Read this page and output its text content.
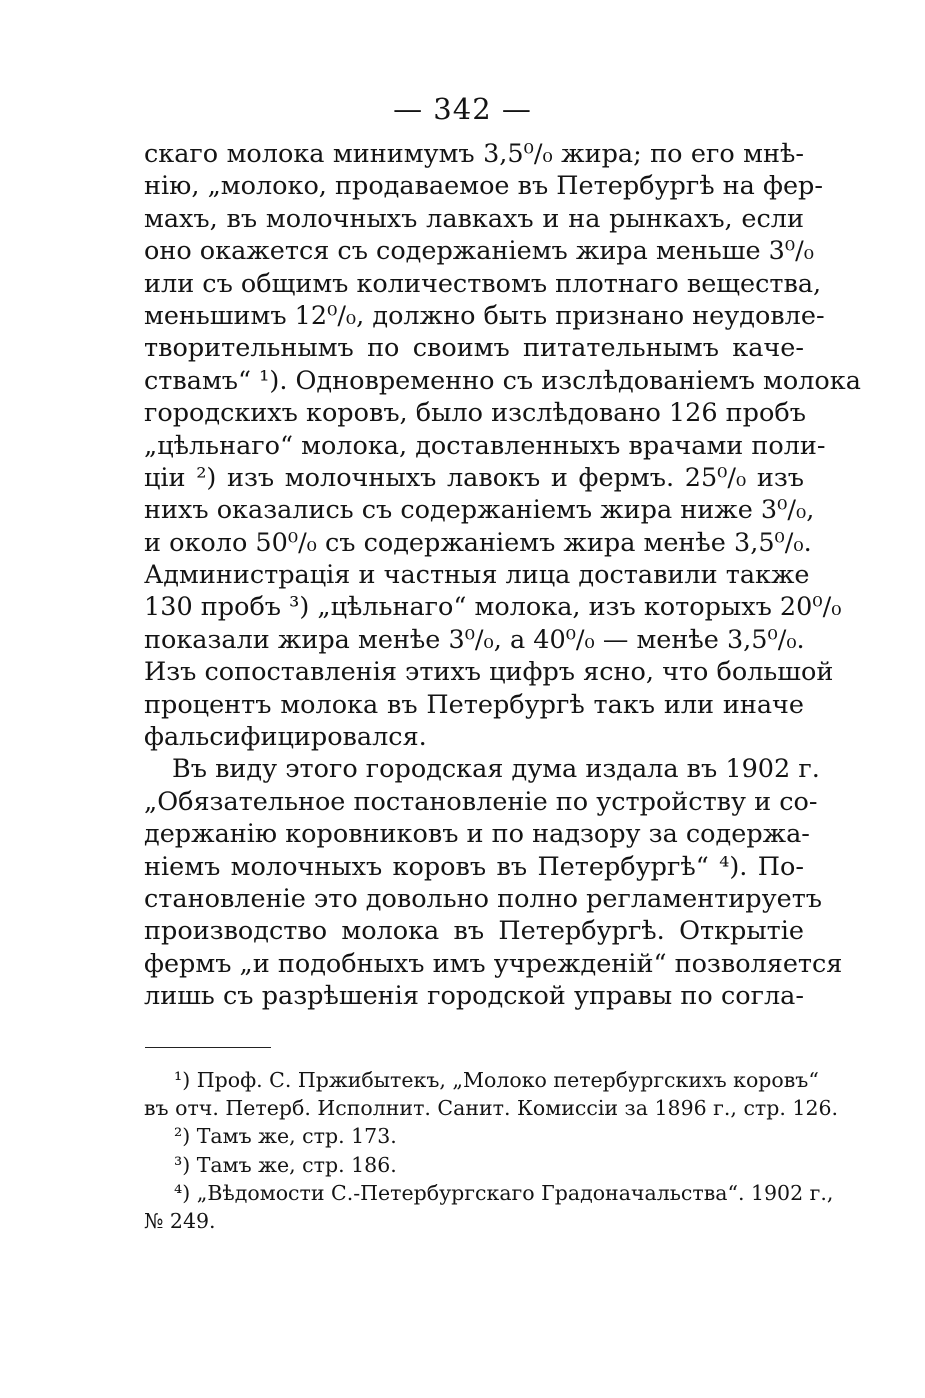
— 342 —
скаго молока минимумъ 3,5⁰/₀ жира; по его мнѣ-
нію, „молоко, продаваемое въ Петербургѣ на фер-
махъ, въ молочныхъ лавкахъ и на рынкахъ, если
оно окажется съ содержаніемъ жира меньше 3⁰/₀
или съ общимъ количествомъ плотнаго вещества,
меньшимъ 12⁰/₀, должно быть признано неудовле-
творительнымъ по своимъ питательнымъ каче-
ствамъ“ ¹). Одновременно съ изслѣдованіемъ молока
городскихъ коровъ, было изслѣдовано 126 пробъ
„цѣльнаго“ молока, доставленныхъ врачами поли-
ціи ²) изъ молочныхъ лавокъ и фермъ. 25⁰/₀ изъ
нихъ оказались съ содержаніемъ жира ниже 3⁰/₀,
и около 50⁰/₀ съ содержаніемъ жира менѣе 3,5⁰/₀.
Администрація и частныя лица доставили также
130 пробъ ³) „цѣльнаго“ молока, изъ которыхъ 20⁰/₀
показали жира менѣе 3⁰/₀, а 40⁰/₀ — менѣе 3,5⁰/₀.
Изъ сопоставленія этихъ цифръ ясно, что большой
процентъ молока въ Петербургѣ такъ или иначе
фальсифицировался.
Въ виду этого городская дума издала въ 1902 г.
„Обязательное постановленіе по устройству и со-
держанію коровниковъ и по надзору за содержа-
ніемъ молочныхъ коровъ въ Петербургѣ“ ⁴). По-
становленіе это довольно полно регламентируетъ
производство молока въ Петербургѣ. Открытіе
фермъ „и подобныхъ имъ учрежденій“ позволяется
лишь съ разрѣшенія городской управы по согла-
¹) Проф. С. Пржибытекъ, „Молоко петербургскихъ коровъ“
въ отч. Петерб. Исполнит. Санит. Комиссіи за 1896 г., стр. 126.
²) Тамъ же, стр. 173.
³) Тамъ же, стр. 186.
⁴) „Вѣдомости С.-Петербургскаго Градоначальства“. 1902 г.,
№ 249.
